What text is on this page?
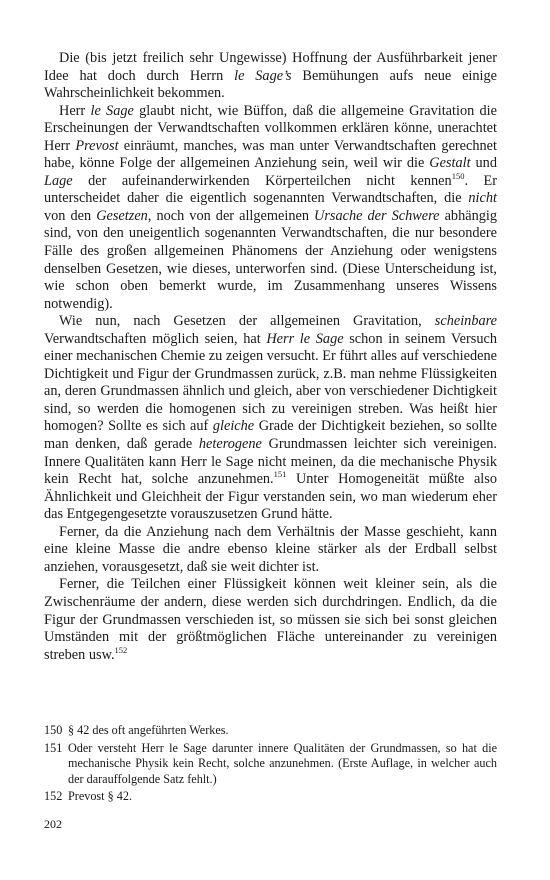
Die (bis jetzt freilich sehr Ungewisse) Hoffnung der Ausführbarkeit jener Idee hat doch durch Herrn le Sage’s Bemühungen aufs neue einige Wahrscheinlichkeit bekommen.

Herr le Sage glaubt nicht, wie Büffon, daß die allgemeine Gravitation die Erscheinungen der Verwandtschaften vollkommen erklären könne, unerachtet Herr Prevost einräumt, manches, was man unter Verwandtschaften gerechnet habe, könne Folge der allgemeinen Anziehung sein, weil wir die Gestalt und Lage der aufeinanderwirkenden Körperteilchen nicht kennen$^{150}$. Er unterscheidet daher die eigentlich sogenannten Verwandtschaften, die nicht von den Gesetzen, noch von der allgemeinen Ursache der Schwere abhängig sind, von den uneigentlich sogenannten Verwandtschaften, die nur besondere Fälle des großen allgemeinen Phänomens der Anziehung oder wenigstens denselben Gesetzen, wie dieses, unterworfen sind. (Diese Unterscheidung ist, wie schon oben bemerkt wurde, im Zusammenhang unseres Wissens notwendig).

Wie nun, nach Gesetzen der allgemeinen Gravitation, scheinbare Verwandtschaften möglich seien, hat Herr le Sage schon in seinem Versuch einer mechanischen Chemie zu zeigen versucht. Er führt alles auf verschiedene Dichtigkeit und Figur der Grundmassen zurück, z.B. man nehme Flüssigkeiten an, deren Grundmassen ähnlich und gleich, aber von verschiedener Dichtigkeit sind, so werden die homogenen sich zu vereinigen streben. Was heißt hier homogen? Sollte es sich auf gleiche Grade der Dichtigkeit beziehen, so sollte man denken, daß gerade heterogene Grundmassen leichter sich vereinigen. Innere Qualitäten kann Herr le Sage nicht meinen, da die mechanische Physik kein Recht hat, solche anzunehmen.$^{151}$ Unter Homogeneität müßte also Ähnlichkeit und Gleichheit der Figur verstanden sein, wo man wiederum eher das Entgegengesetzte vorauszusetzen Grund hätte.

Ferner, da die Anziehung nach dem Verhältnis der Masse geschieht, kann eine kleine Masse die andre ebenso kleine stärker als der Erdball selbst anziehen, vorausgesetzt, daß sie weit dichter ist.

Ferner, die Teilchen einer Flüssigkeit können weit kleiner sein, als die Zwischenräume der andern, diese werden sich durchdringen. Endlich, da die Figur der Grundmassen verschieden ist, so müssen sie sich bei sonst gleichen Umständen mit der größtmöglichen Fläche untereinander zu vereinigen streben usw.$^{152}$

150 § 42 des oft angeführten Werkes.

151 Oder versteht Herr le Sage darunter innere Qualitäten der Grundmassen, so hat die mechanische Physik kein Recht, solche anzunehmen. (Erste Auflage, in welcher auch der darauffolgende Satz fehlt.)

152 Prevost § 42.

202
